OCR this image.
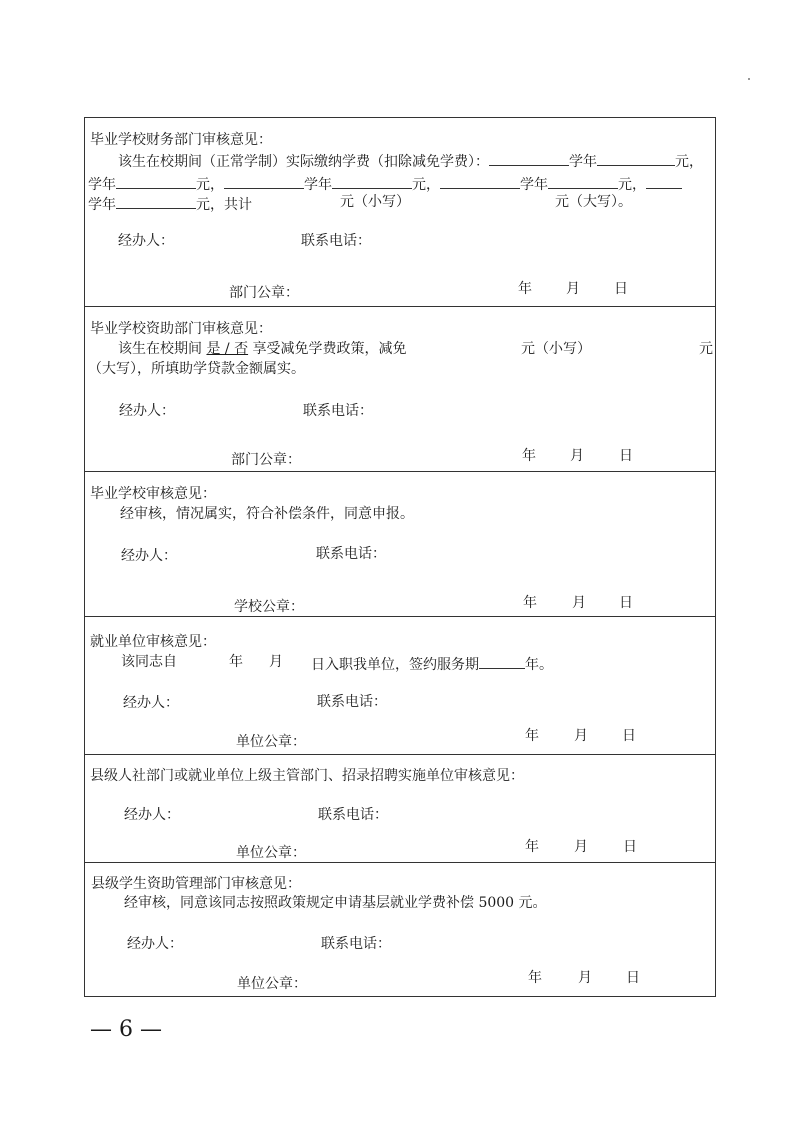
毕业学校财务部门审核意见：
该生在校期间（正常学制）实际缴纳学费（扣除减免学费）：	学年	元，
学年	元，	学年	元，	学年	元，
学年	元，共计	元（小写）	元（大写）。
经办人：	联系电话：
部门公章：	年 月 日
毕业学校资助部门审核意见：
该生在校期间 是 / 否 享受减免学费政策，减免	元（小写）	元
（大写），所填助学贷款金额属实。
经办人：	联系电话：
部门公章：	年 月	日
毕业学校审核意见：
经审核，情况属实，符合补偿条件，同意申报。
经办人：	联系电话：
学校公章：	年	月 日
就业单位审核意见：
该同志自	年 月 日入职我单位，签约服务期	年。
经办人：	联系电话：
单位公章：	年	月 日
县级人社部门或就业单位上级主管部门、招录招聘实施单位审核意见：
经办人：	联系电话：
单位公章：	年	月	日
县级学生资助管理部门审核意见：
经审核，同意该同志按照政策规定申请基层就业学费补偿 5000 元。
经办人：	联系电话：
单位公章：	年	月 日
— 6 —
